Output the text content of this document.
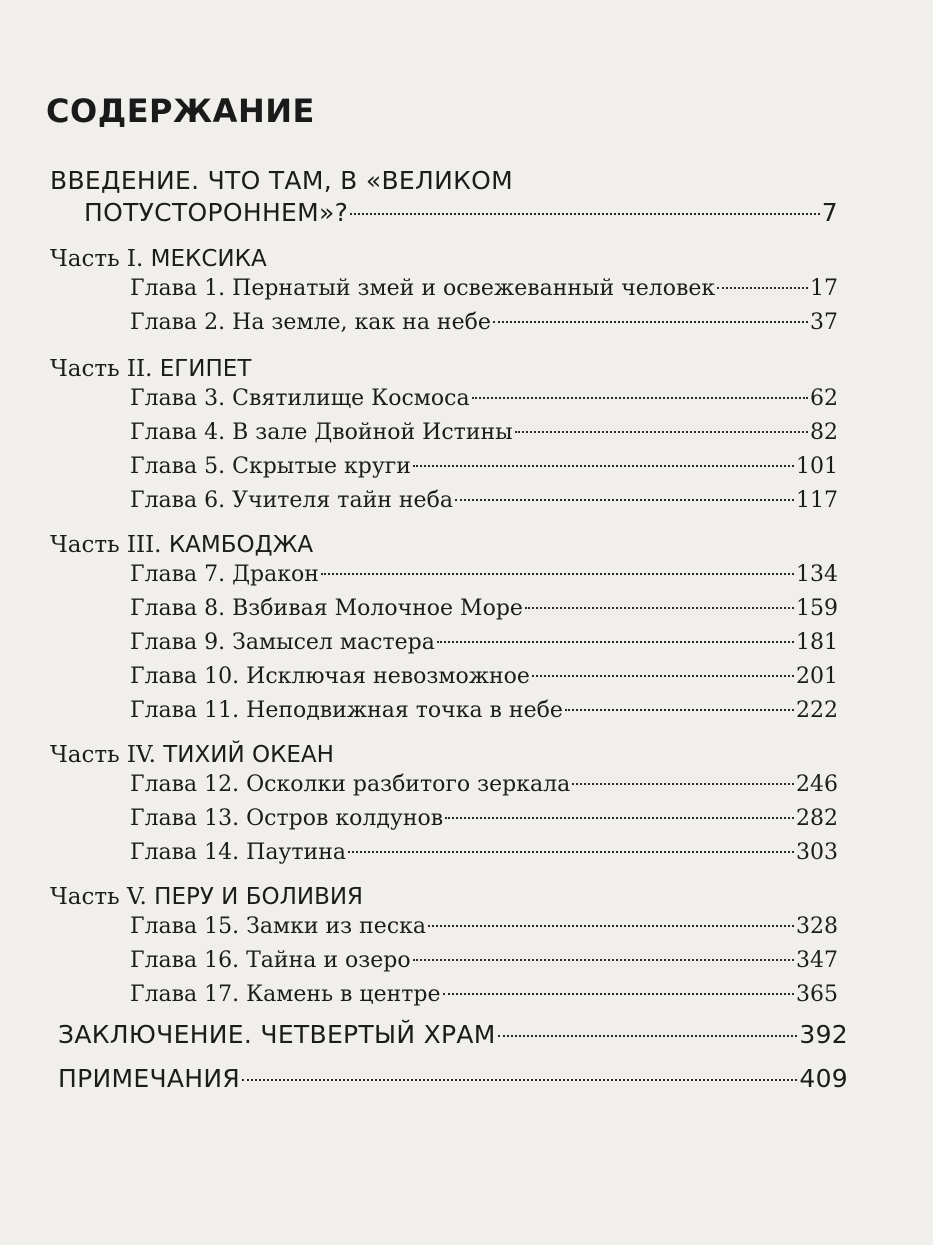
СОДЕРЖАНИЕ
ВВЕДЕНИЕ. ЧТО ТАМ, В «ВЕЛИКОМ
ПОТУСТОРОННЕМ»?	7
Часть I. МЕКСИКА
Глава 1. Пернатый змей и освежеванный человек	17
Глава 2. На земле, как на небе	37
Часть II. ЕГИПЕТ
Глава 3. Святилище Космоса	62
Глава 4. В зале Двойной Истины	82
Глава 5. Скрытые круги	101
Глава 6. Учителя тайн неба	117
Часть III. КАМБОДЖА
Глава 7. Дракон	134
Глава 8. Взбивая Молочное Море	159
Глава 9. Замысел мастера	181
Глава 10. Исключая невозможное	201
Глава 11. Неподвижная точка в небе	222
Часть IV. ТИХИЙ ОКЕАН
Глава 12. Осколки разбитого зеркала	246
Глава 13. Остров колдунов	282
Глава 14. Паутина	303
Часть V. ПЕРУ И БОЛИВИЯ
Глава 15. Замки из песка	328
Глава 16. Тайна и озеро	347
Глава 17. Камень в центре	365
ЗАКЛЮЧЕНИЕ. ЧЕТВЕРТЫЙ ХРАМ	392
ПРИМЕЧАНИЯ	409
